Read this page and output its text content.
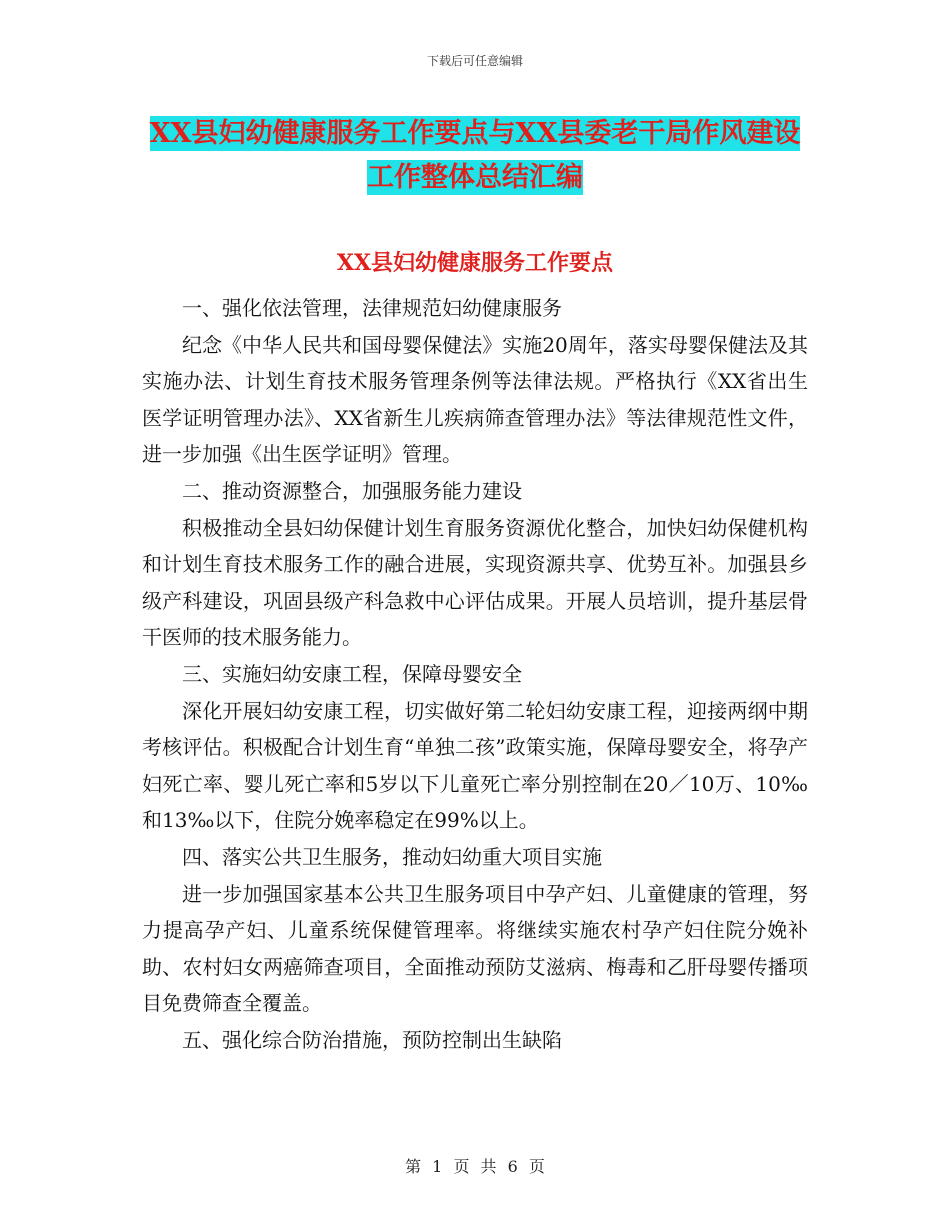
下载后可任意编辑
XX县妇幼健康服务工作要点与XX县委老干局作风建设
工作整体总结汇编
XX县妇幼健康服务工作要点

一、强化依法管理，法律规范妇幼健康服务

纪念《中华人民共和国母婴保健法》实施20周年，落实母婴保健法及其实施办法、计划生育技术服务管理条例等法律法规。严格执行《XX省出生医学证明管理办法》、XX省新生儿疾病筛查管理办法》等法律规范性文件，进一步加强《出生医学证明》管理。

二、推动资源整合，加强服务能力建设

积极推动全县妇幼保健计划生育服务资源优化整合，加快妇幼保健机构和计划生育技术服务工作的融合进展，实现资源共享、优势互补。加强县乡级产科建设，巩固县级产科急救中心评估成果。开展人员培训，提升基层骨干医师的技术服务能力。

三、实施妇幼安康工程，保障母婴安全

深化开展妇幼安康工程，切实做好第二轮妇幼安康工程，迎接两纲中期考核评估。积极配合计划生育“单独二孩”政策实施，保障母婴安全，将孕产妇死亡率、婴儿死亡率和5岁以下儿童死亡率分别控制在20／10万、10‰和13‰以下，住院分娩率稳定在99%以上。

四、落实公共卫生服务，推动妇幼重大项目实施

进一步加强国家基本公共卫生服务项目中孕产妇、儿童健康的管理，努力提高孕产妇、儿童系统保健管理率。将继续实施农村孕产妇住院分娩补助、农村妇女两癌筛查项目，全面推动预防艾滋病、梅毒和乙肝母婴传播项目免费筛查全覆盖。

五、强化综合防治措施，预防控制出生缺陷

第 1 页 共 6 页
